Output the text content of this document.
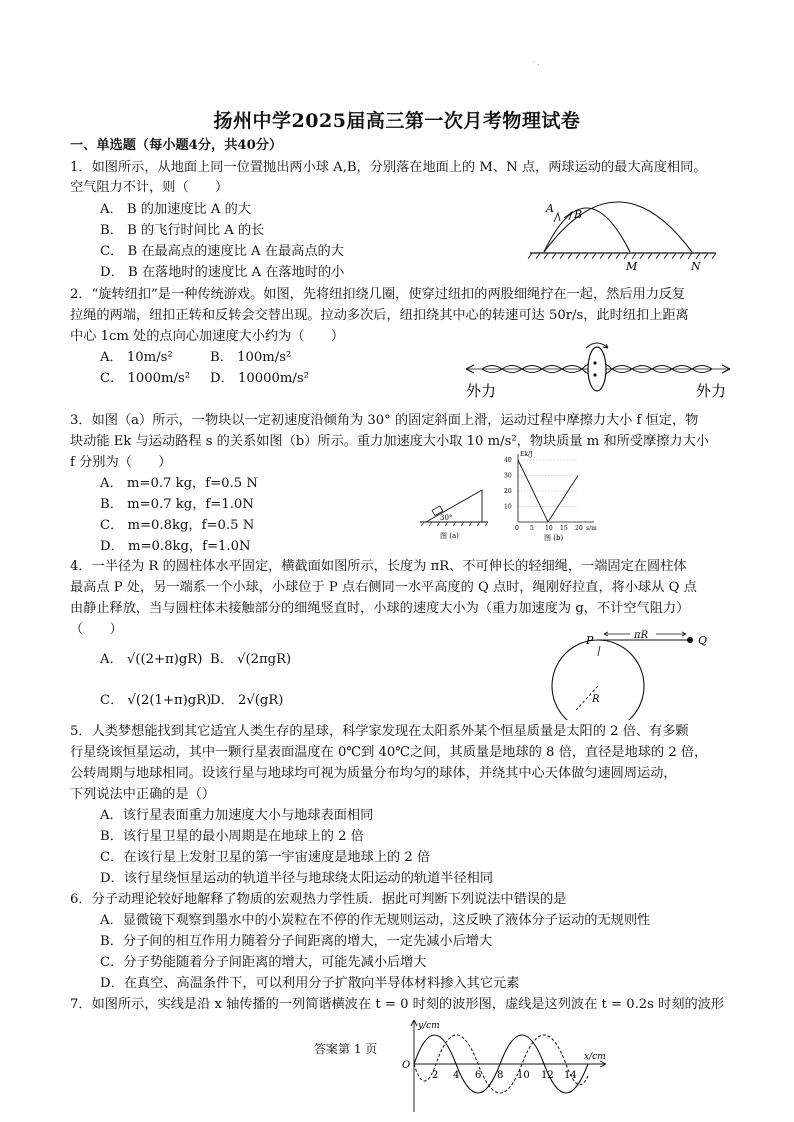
· .
扬州中学2025届高三第一次月考物理试卷
一、单选题（每小题4分，共40分）
1．如图所示，从地面上同一位置抛出两小球 A,B，分别落在地面上的 M、N 点，两球运动的最大高度相同。
空气阻力不计，则（　　）
A． B 的加速度比 A 的大
B． B 的飞行时间比 A 的长
C． B 在最高点的速度比 A 在最高点的大
D． B 在落地时的速度比 A 在落地时的小
A B
M	N
2．“旋转纽扣”是一种传统游戏。如图，先将纽扣绕几圈，使穿过纽扣的两股细绳拧在一起，然后用力反复
拉绳的两端，纽扣正转和反转会交替出现。拉动多次后，纽扣绕其中心的转速可达 50r/s，此时纽扣上距离
中心 1cm 处的点向心加速度大小约为（　　）
A． 10m/s²	B． 100m/s²
C． 1000m/s² D． 10000m/s²
外力	外力
3．如图（a）所示，一物块以一定初速度沿倾角为 30° 的固定斜面上滑，运动过程中摩擦力大小 f 恒定，物
块动能 Ek 与运动路程 s 的关系如图（b）所示。重力加速度大小取 10 m/s²，物块质量 m 和所受摩擦力大小
f 分别为（　　）
A． m=0.7 kg，f=0.5 N
B． m=0.7 kg，f=1.0N
C． m=0.8kg，f=0.5 N
D． m=0.8kg，f=1.0N
30°
图 (a)
Ek/J
s/m
图 (b)
10
20
30
40
0 5 10 15 20
4．一半径为 R 的圆柱体水平固定，横截面如图所示，长度为 πR、不可伸长的轻细绳，一端固定在圆柱体
最高点 P 处，另一端系一个小球，小球位于 P 点右侧同一水平高度的 Q 点时，绳刚好拉直，将小球从 Q 点
由静止释放，当与圆柱体未接触部分的细绳竖直时，小球的速度大小为（重力加速度为 g，不计空气阻力）
（　　）
A． √((2+π)gR) B． √(2πgR)
C． √(2(1+π)gR)
D． 2√(gR)
P	Q
πR
R
5．人类梦想能找到其它适宜人类生存的星球，科学家发现在太阳系外某个恒星质量是太阳的 2 倍、有多颗
行星绕该恒星运动，其中一颗行星表面温度在 0℃到 40℃之间，其质量是地球的 8 倍，直径是地球的 2 倍，
公转周期与地球相同。设该行星与地球均可视为质量分布均匀的球体，并绕其中心天体做匀速圆周运动，
下列说法中正确的是（）
A．该行星表面重力加速度大小与地球表面相同
B．该行星卫星的最小周期是在地球上的 2 倍
C．在该行星上发射卫星的第一宇宙速度是地球上的 2 倍
D．该行星绕恒星运动的轨道半径与地球绕太阳运动的轨道半径相同
6．分子动理论较好地解释了物质的宏观热力学性质．据此可判断下列说法中错误的是
A．显微镜下观察到墨水中的小炭粒在不停的作无规则运动，这反映了液体分子运动的无规则性
B．分子间的相互作用力随着分子间距离的增大，一定先减小后增大
C．分子势能随着分子间距离的增大，可能先减小后增大
D．在真空、高温条件下，可以利用分子扩散向半导体材料掺入其它元素
7．如图所示，实线是沿 x 轴传播的一列简谐横波在 t = 0 时刻的波形图，虚线是这列波在 t = 0.2s 时刻的波形
y/cm
x/cm
O
2 4 6 8 10 12 14
答案第 1 页
